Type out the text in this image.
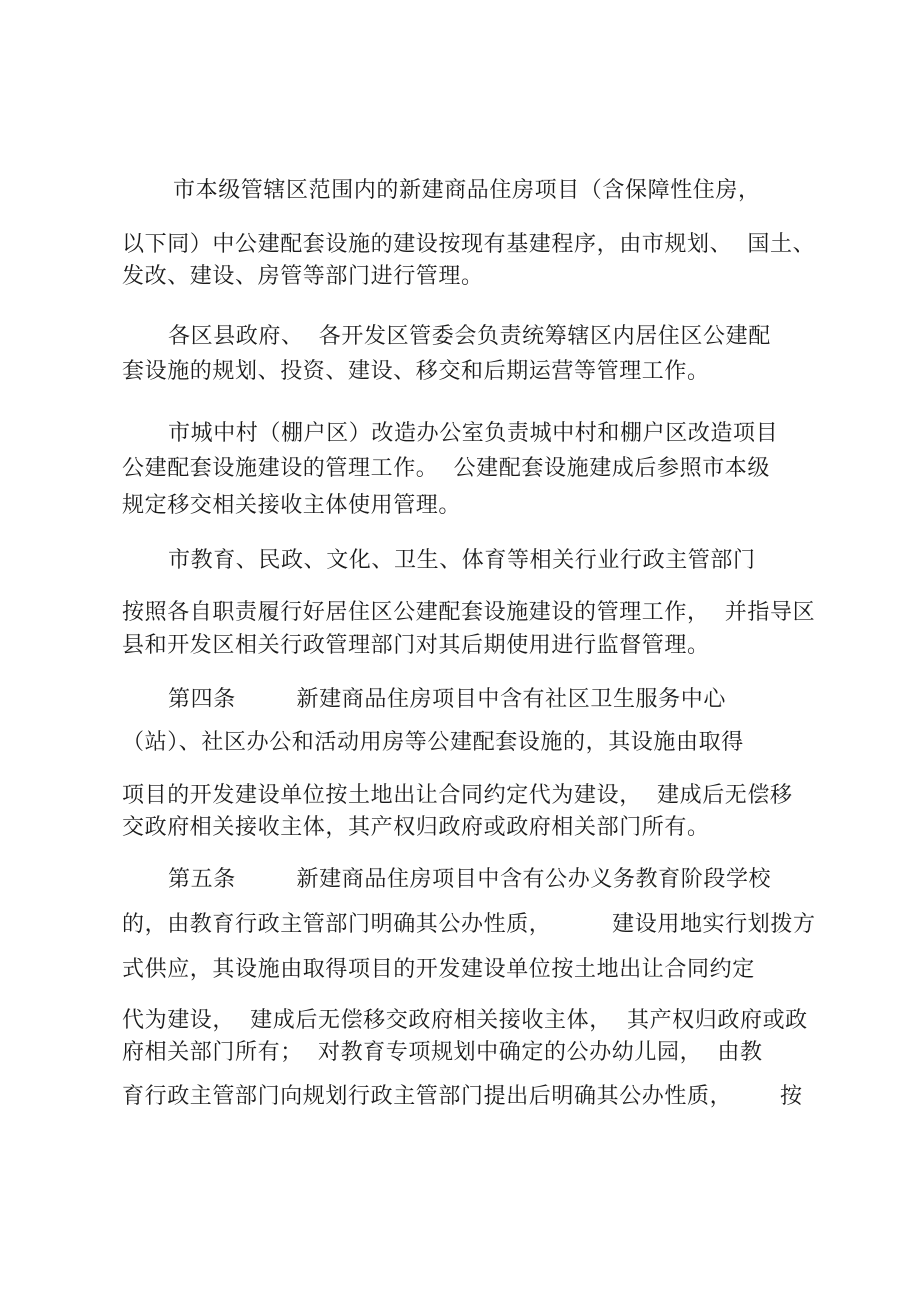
市本级管辖区范围内的新建商品住房项目（含保障性住房，
以下同）中公建配套设施的建设按现有基建程序，由市规划、  国土、
发改、建设、房管等部门进行管理。
各区县政府、  各开发区管委会负责统筹辖区内居住区公建配
套设施的规划、投资、建设、移交和后期运营等管理工作。
市城中村（棚户区）改造办公室负责城中村和棚户区改造项目
公建配套设施建设的管理工作。  公建配套设施建成后参照市本级
规定移交相关接收主体使用管理。
市教育、民政、文化、卫生、体育等相关行业行政主管部门
按照各自职责履行好居住区公建配套设施建设的管理工作，  并指导区
县和开发区相关行政管理部门对其后期使用进行监督管理。
第四条        新建商品住房项目中含有社区卫生服务中心
（站）、社区办公和活动用房等公建配套设施的，其设施由取得
项目的开发建设单位按土地出让合同约定代为建设，  建成后无偿移
交政府相关接收主体，其产权归政府或政府相关部门所有。
第五条        新建商品住房项目中含有公办义务教育阶段学校
的，由教育行政主管部门明确其公办性质，        建设用地实行划拨方
式供应，其设施由取得项目的开发建设单位按土地出让合同约定
代为建设，  建成后无偿移交政府相关接收主体，  其产权归政府或政
府相关部门所有；  对教育专项规划中确定的公办幼儿园，  由教
育行政主管部门向规划行政主管部门提出后明确其公办性质， 按
